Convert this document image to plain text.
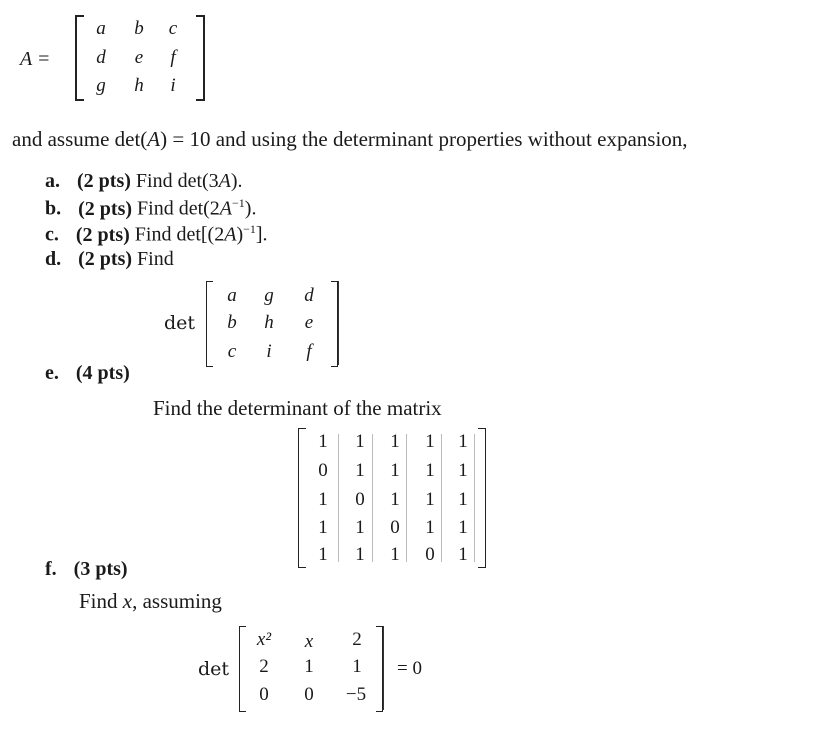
A =
a	b	c
d	e	f
g	h	i
and assume det(A) = 10 and using the determinant properties without expansion,
a. (2 pts) Find det(3A).
b. (2 pts) Find $\det(2A^{-1})$.
c. (2 pts) Find $\det[(2A)^{-1}]$.
d. (2 pts) Find
det
a	g	d
b	h	e
c	i	f
e. (4 pts)
Find the determinant of the matrix
1	1	1	1	1
0	1	1	1	1
1	0	1	1	1
1	1	0	1	1
1	1	1	0	1
f. (3 pts)
Find x, assuming
det
x²	x	2
2	1	1
0	0	−5
= 0
